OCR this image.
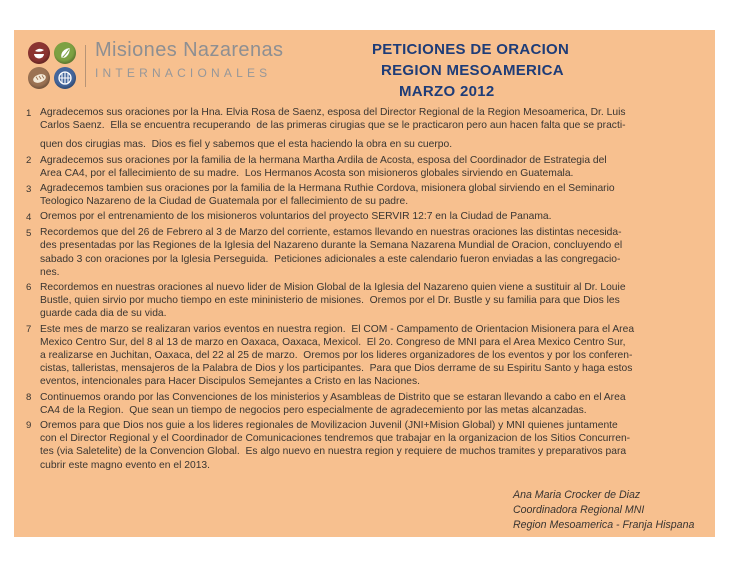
Misiones Nazarenas
INTERNACIONALES
PETICIONES DE ORACION
REGION MESOAMERICA
MARZO 2012
1 Agradecemos sus oraciones por la Hna. Elvia Rosa de Saenz, esposa del Director Regional de la Region Mesoamerica, Dr. Luis
Carlos Saenz.  Ella se encuentra recuperando  de las primeras cirugias que se le practicaron pero aun hacen falta que se practi-
quen dos cirugias mas.  Dios es fiel y sabemos que el esta haciendo la obra en su cuerpo.
2 Agradecemos sus oraciones por la familia de la hermana Martha Ardila de Acosta, esposa del Coordinador de Estrategia del
Area CA4, por el fallecimiento de su madre.  Los Hermanos Acosta son misioneros globales sirviendo en Guatemala.
3 Agradecemos tambien sus oraciones por la familia de la Hermana Ruthie Cordova, misionera global sirviendo en el Seminario
Teologico Nazareno de la Ciudad de Guatemala por el fallecimiento de su padre.
4 Oremos por el entrenamiento de los misioneros voluntarios del proyecto SERVIR 12:7 en la Ciudad de Panama.
5 Recordemos que del 26 de Febrero al 3 de Marzo del corriente, estamos llevando en nuestras oraciones las distintas necesida-
des presentadas por las Regiones de la Iglesia del Nazareno durante la Semana Nazarena Mundial de Oracion, concluyendo el
sabado 3 con oraciones por la Iglesia Perseguida.  Peticiones adicionales a este calendario fueron enviadas a las congregacio-
nes.
6 Recordemos en nuestras oraciones al nuevo lider de Mision Global de la Iglesia del Nazareno quien viene a sustituir al Dr. Louie
Bustle, quien sirvio por mucho tiempo en este mininisterio de misiones.  Oremos por el Dr. Bustle y su familia para que Dios les
guarde cada dia de su vida.
7 Este mes de marzo se realizaran varios eventos en nuestra region.  El COM - Campamento de Orientacion Misionera para el Area
Mexico Centro Sur, del 8 al 13 de marzo en Oaxaca, Oaxaca, Mexicol.  El 2o. Congreso de MNI para el Area Mexico Centro Sur,
a realizarse en Juchitan, Oaxaca, del 22 al 25 de marzo.  Oremos por los lideres organizadores de los eventos y por los conferen-
cistas, talleristas, mensajeros de la Palabra de Dios y los participantes.  Para que Dios derrame de su Espiritu Santo y haga estos
eventos, intencionales para Hacer Discipulos Semejantes a Cristo en las Naciones.
8 Continuemos orando por las Convenciones de los ministerios y Asambleas de Distrito que se estaran llevando a cabo en el Area
CA4 de la Region.  Que sean un tiempo de negocios pero especialmente de agradecemiento por las metas alcanzadas.
9 Oremos para que Dios nos guie a los lideres regionales de Movilizacion Juvenil (JNI+Mision Global) y MNI quienes juntamente
con el Director Regional y el Coordinador de Comunicaciones tendremos que trabajar en la organizacion de los Sitios Concurren-
tes (via Saletelite) de la Convencion Global.  Es algo nuevo en nuestra region y requiere de muchos tramites y preparativos para
cubrir este magno evento en el 2013.
Ana Maria Crocker de Diaz
Coordinadora Regional MNI
Region Mesoamerica - Franja Hispana
